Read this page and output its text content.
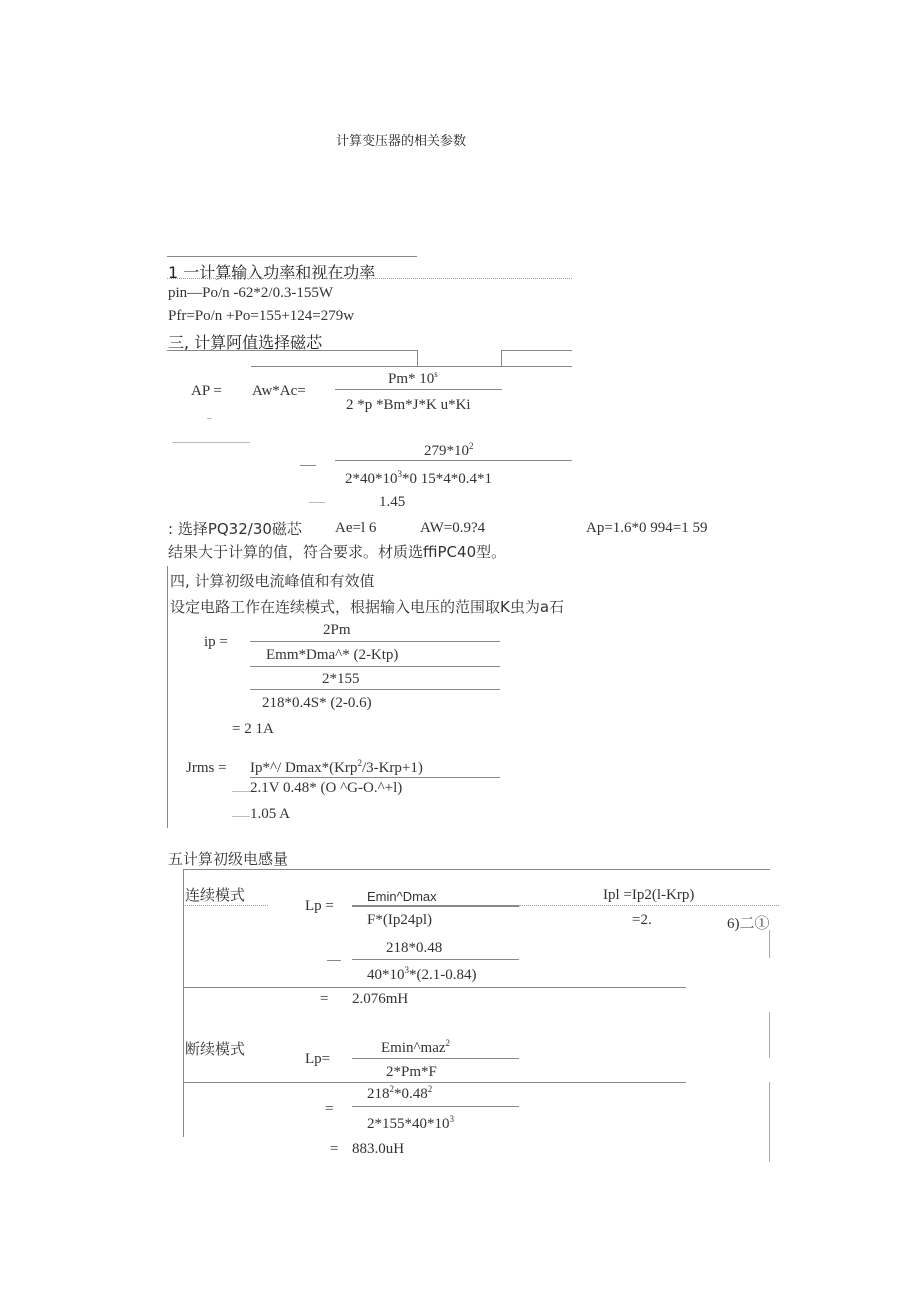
计算变压器的相关参数
1 一计算输入功率和视在功率
pin—Po/n -62*2/0.3-155W
Pfr=Po/n +Po=155+124=279w
三, 计算阿值选择磁芯
AP = Aw*Ac=
Pm* 10$^s$
2 *p *Bm*J*K u*Ki
$279*10^2$
$2*40*10^3*0$ 15*4*0.4*1
1.45
: 选择PQ32/30磁芯 Ae=l 6	AW=0.9?4	Ap=1.6*0 994=1 59
结果大于计算的值，符合要求。材质选ffiPC40型。
四, 计算初级电流峰值和有效值
设定电路工作在连续模式，根据输入电压的范围取K虫为a石
ip =
2Pm
Emm*Dma^* (2-Ktp)
2*155
218*0.4S* (2-0.6)
= 2 1A
Jrms = Ip*^/ Dmax*(Krp$^2$/3-Krp+1)
2.1V 0.48* (O ^G-O.^+l)
1.05 A
五计算初级电感量
连续模式
Lp =
Emin^Dmax
F*(Ip24pl)
Ipl =Ip2(l-Krp)
=2.	6)二①
218*0.48
$40*10^3*(2.1-0.84)$
= 2.076mH
断续模式
Lp=
Emin^maz$^2$
2*Pm*F
=
$218^2*0.48^2$
$2*155*40*10^3$
= 883.0uH
